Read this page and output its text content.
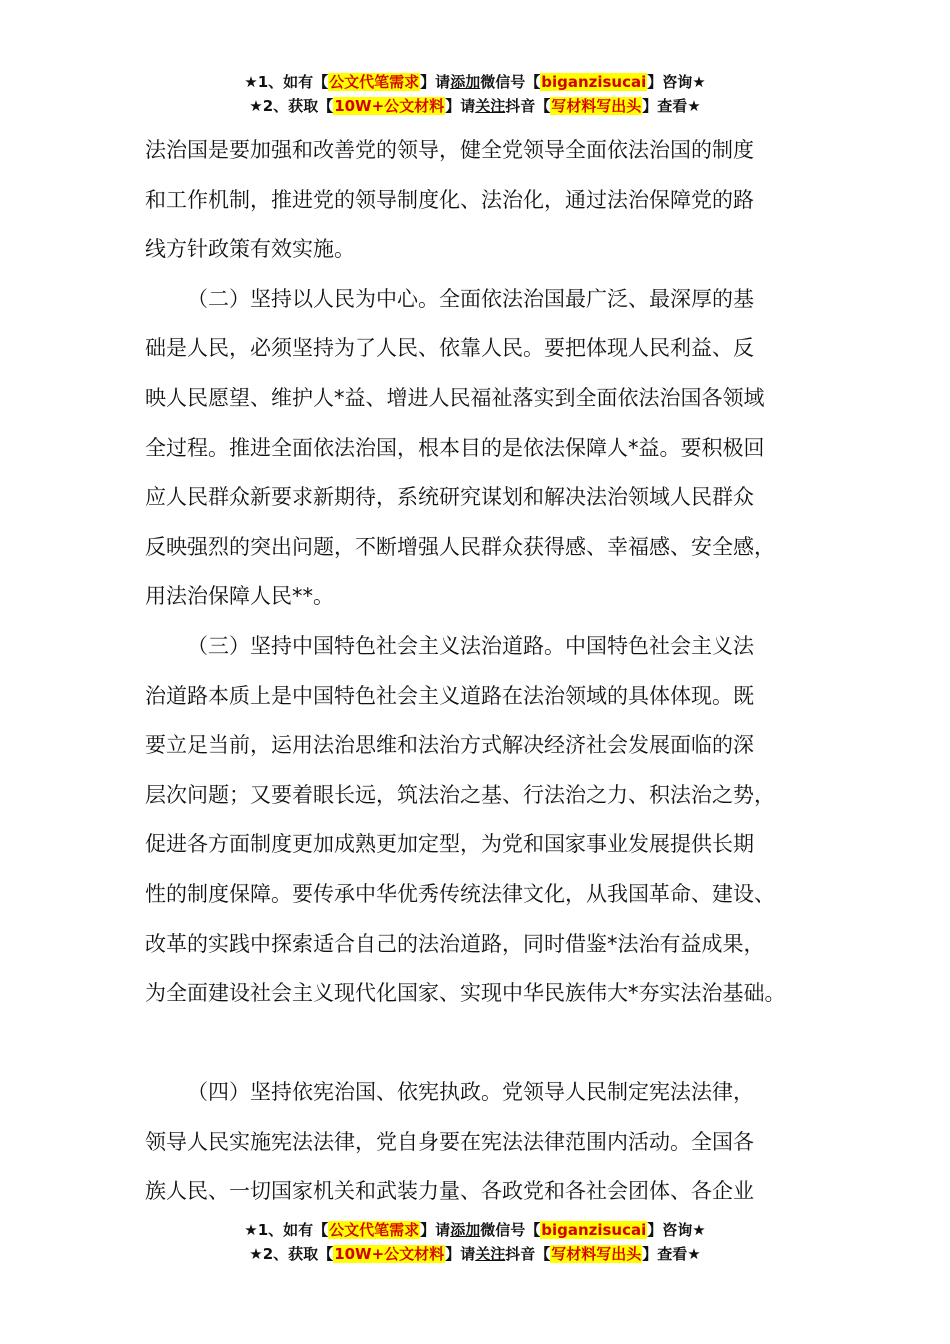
★1、如有【公文代笔需求】请添加微信号【biganzisucai】咨询★
★2、获取【10W+公文材料】请关注抖音【写材料写出头】查看★

法治国是要加强和改善党的领导，健全党领导全面依法治国的制度

和工作机制，推进党的领导制度化、法治化，通过法治保障党的路

线方针政策有效实施。

（二）坚持以人民为中心。全面依法治国最广泛、最深厚的基

础是人民，必须坚持为了人民、依靠人民。要把体现人民利益、反

映人民愿望、维护人*益、增进人民福祉落实到全面依法治国各领域

全过程。推进全面依法治国，根本目的是依法保障人*益。要积极回

应人民群众新要求新期待，系统研究谋划和解决法治领域人民群众

反映强烈的突出问题，不断增强人民群众获得感、幸福感、安全感，

用法治保障人民**。

（三）坚持中国特色社会主义法治道路。中国特色社会主义法

治道路本质上是中国特色社会主义道路在法治领域的具体体现。既

要立足当前，运用法治思维和法治方式解决经济社会发展面临的深

层次问题；又要着眼长远，筑法治之基、行法治之力、积法治之势，

促进各方面制度更加成熟更加定型，为党和国家事业发展提供长期

性的制度保障。要传承中华优秀传统法律文化，从我国革命、建设、

改革的实践中探索适合自己的法治道路，同时借鉴*法治有益成果，

为全面建设社会主义现代化国家、实现中华民族伟大*夯实法治基础。

（四）坚持依宪治国、依宪执政。党领导人民制定宪法法律，

领导人民实施宪法法律，党自身要在宪法法律范围内活动。全国各

族人民、一切国家机关和武装力量、各政党和各社会团体、各企业

★1、如有【公文代笔需求】请添加微信号【biganzisucai】咨询★
★2、获取【10W+公文材料】请关注抖音【写材料写出头】查看★
